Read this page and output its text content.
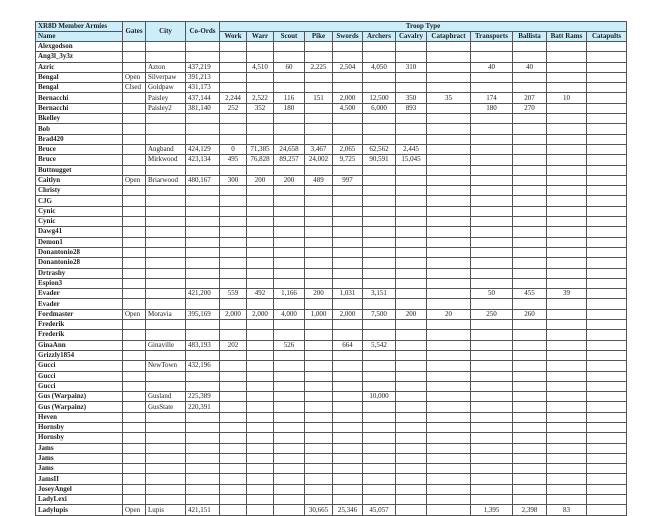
XR8D Member Armies	Gates	City	Co-Ords	Troop Type											
Name				Work	Warr	Scout	Pike	Swords	Archers	Cavalry	Cataphract	Transports	Ballista	Batt Rams	Catapults
Alexgodson															
Ang3l_3y3z															
Azric		Azton	437,219		4,510	60	2,225	2,504	4,050	310		40	40		
Bengal	Open	Silverpaw	391,213												
Bengal	Clsed	Goldpaw	431,173												
Bernacchi		Paisley	437,144	2,244	2,522	116	151	2,000	12,500	350	35	174	207	10	
Bernacchi		Paisley2	381,140	252	352	180		4,500	6,000	893		180	270		
Bkelley															
Bob															
Brad420															
Bruce		Angband	424,129	0	71,385	24,658	3,467	2,065	62,562	2,445					
Bruce		Mirkwood	423,134	495	76,828	89,257	24,002	9,725	90,591	15,045					
Buttnugget															
Caitlyn	Open	Briarwood	480,167	300	200	200	489	997							
Christy															
CJG															
Cynic															
Cynic															
Dawg41															
Demon1															
Donantonio28															
Donantonio28															
Drtrashy															
Espion3															
Evader			421,200	559	492	1,166	200	1,031	3,151			50	455	39	
Evader															
Fordmaster	Open	Moravia	395,169	2,000	2,000	4,000	1,000	2,000	7,500	200	20	250	260		
Frederik															
Frederik															
GinaAnn		Ginaville	483,193	202		526		664	5,542						
Grizzly1854															
Gucci		NewTown	432,196												
Gucci															
Gucci															
Gus (Warpainz)		Gusland	225,389						10,000						
Gus (Warpainz)		GusState	220,391												
Heven															
Hornsby															
Hornsby															
Jams															
Jams															
Jams															
JamsII															
JoseyAngel															
LadyLexi															
Ladylupis	Open	Lupis	421,151				30,665	25,346	45,057			1,395	2,398	83	
